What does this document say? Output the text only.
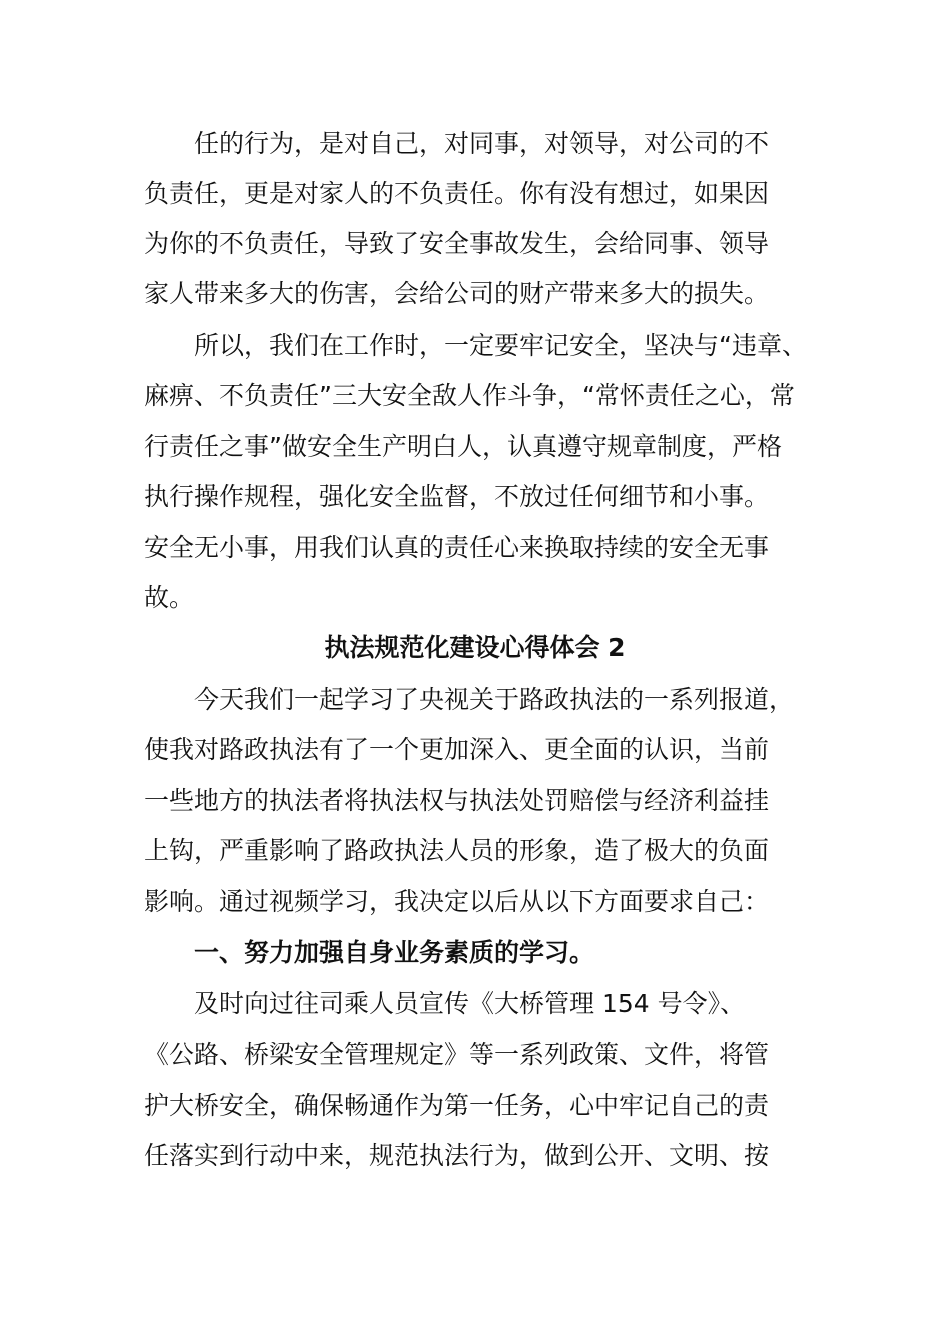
任的行为，是对自己，对同事，对领导，对公司的不
负责任，更是对家人的不负责任。你有没有想过，如果因
为你的不负责任，导致了安全事故发生，会给同事、领导
家人带来多大的伤害，会给公司的财产带来多大的损失。
所以，我们在工作时，一定要牢记安全，坚决与“违章、
麻痹、不负责任”三大安全敌人作斗争，“常怀责任之心，常
行责任之事”做安全生产明白人，认真遵守规章制度，严格
执行操作规程，强化安全监督，不放过任何细节和小事。
安全无小事，用我们认真的责任心来换取持续的安全无事
故。
执法规范化建设心得体会 2
今天我们一起学习了央视关于路政执法的一系列报道，
使我对路政执法有了一个更加深入、更全面的认识，当前
一些地方的执法者将执法权与执法处罚赔偿与经济利益挂
上钩，严重影响了路政执法人员的形象，造了极大的负面
影响。通过视频学习，我决定以后从以下方面要求自己：
一、努力加强自身业务素质的学习。
及时向过往司乘人员宣传《大桥管理 154 号令》、
《公路、桥梁安全管理规定》等一系列政策、文件，将管
护大桥安全，确保畅通作为第一任务，心中牢记自己的责
任落实到行动中来，规范执法行为，做到公开、文明、按
